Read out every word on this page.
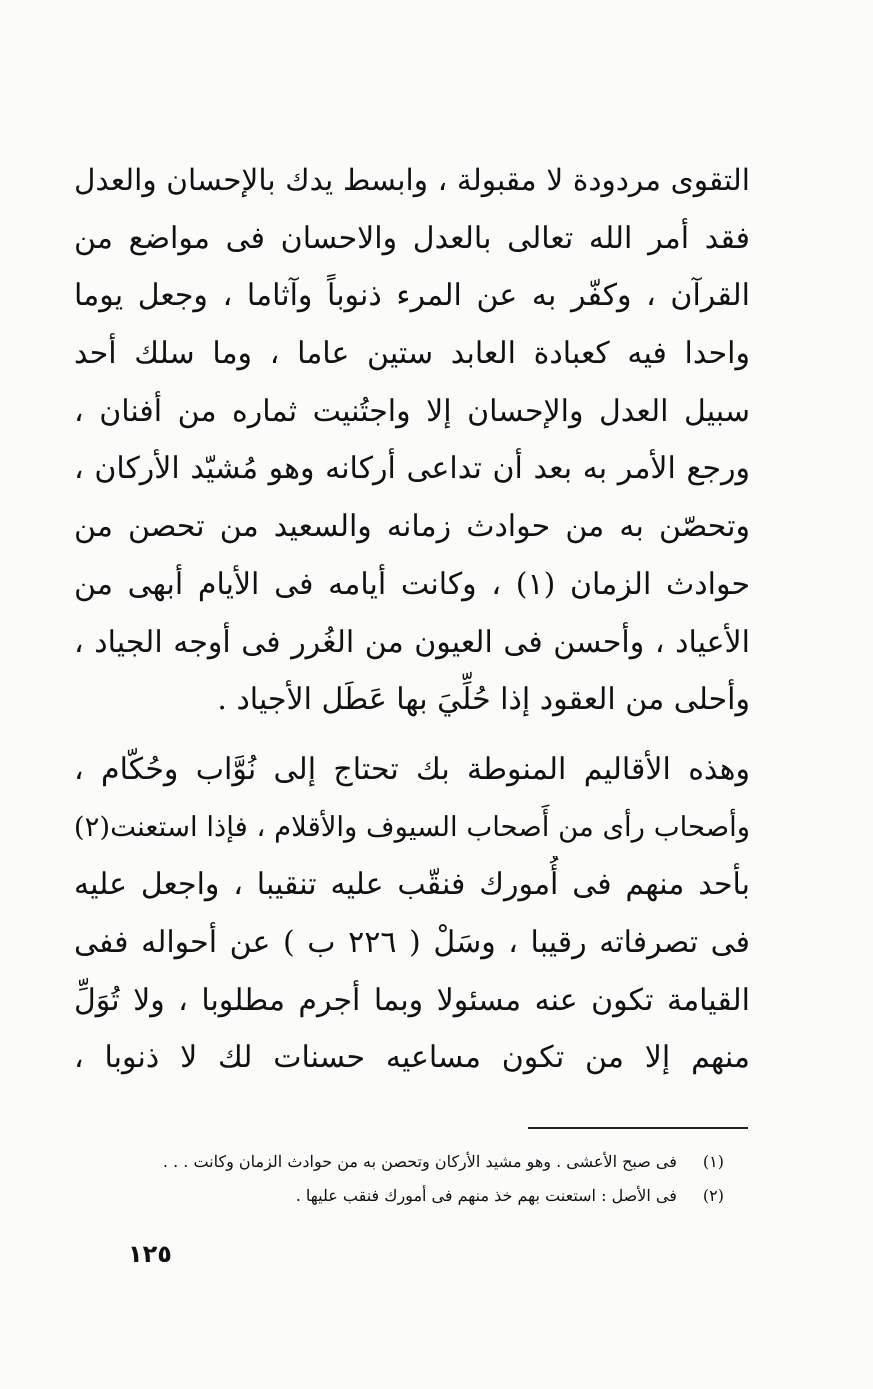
التقوى مردودة لا مقبولة ، وابسط يدك بالإحسان والعدل
فقد أمر الله تعالى بالعدل والاحسان فى مواضع من
القرآن ، وكفّر به عن المرء ذنوباً وآثاما ، وجعل يوما
واحدا فيه كعبادة العابد ستين عاما ، وما سلك أحد
سبيل العدل والإحسان إلا واجتُنيت ثماره من أفنان ،
ورجع الأمر به بعد أن تداعى أركانه وهو مُشيّد الأركان ،
وتحصّن به من حوادث زمانه والسعيد من تحصن من
حوادث الزمان (١) ، وكانت أيامه فى الأيام أبهى من
الأعياد ، وأحسن فى العيون من الغُرر فى أوجه الجياد ،
وأحلى من العقود إذا حُلِّيَ بها عَطَل الأجياد .
وهذه الأقاليم المنوطة بك تحتاج إلى نُوَّاب وحُكّام ،
وأصحاب رأى من أَصحاب السيوف والأقلام ، فإذا استعنت(٢)
بأحد منهم فى أُمورك فنقّب عليه تنقيبا ، واجعل عليه
فى تصرفاته رقيبا ، وسَلْ ( ٢٢٦ ب ) عن أحواله ففى
القيامة تكون عنه مسئولا وبما أجرم مطلوبا ، ولا تُوَلِّ
منهم إلا من تكون مساعيه حسنات لك لا ذنوبا ،
(١) فى صبح الأعشى . وهو مشيد الأركان وتحصن به من حوادث الزمان وكانت . . .
(٢) فى الأصل : استعنت بهم خذ منهم فى أمورك فنقب عليها .
١٢٥
